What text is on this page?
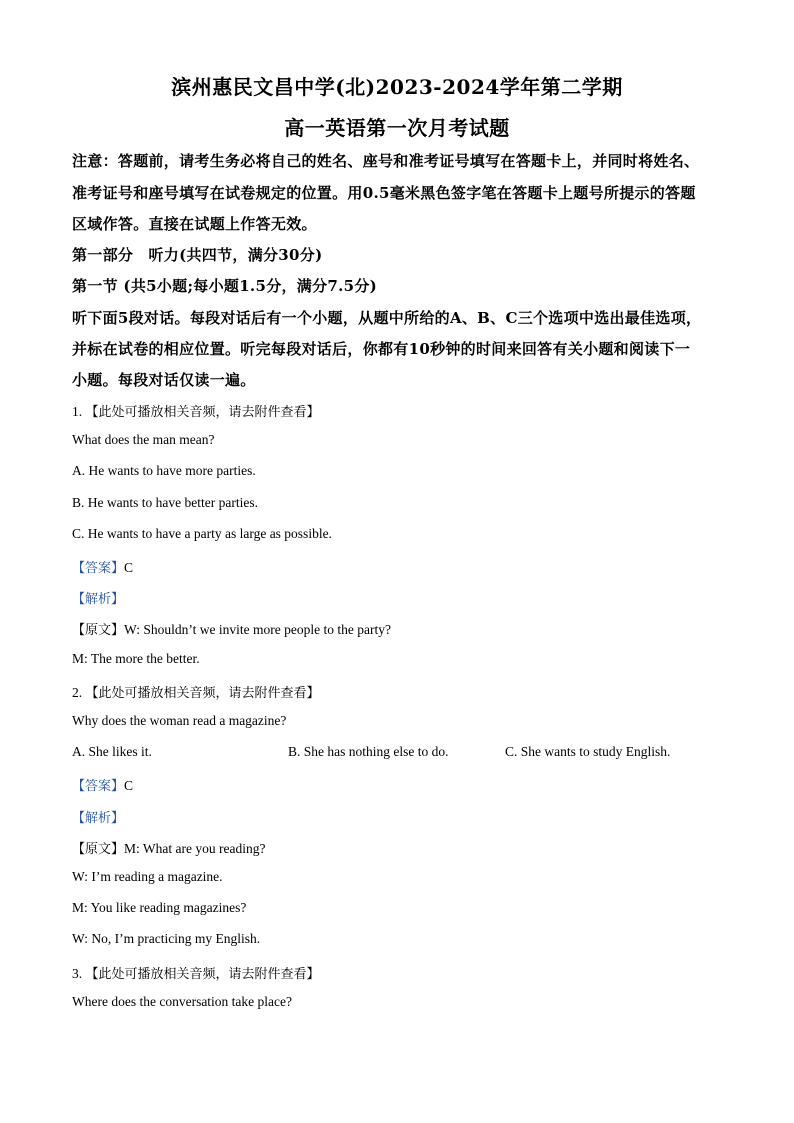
滨州惠民文昌中学(北)2023-2024学年第二学期
高一英语第一次月考试题
注意：答题前，请考生务必将自己的姓名、座号和准考证号填写在答题卡上，并同时将姓名、
准考证号和座号填写在试卷规定的位置。用0.5毫米黑色签字笔在答题卡上题号所提示的答题
区域作答。直接在试题上作答无效。
第一部分　听力(共四节，满分30分)
第一节 (共5小题;每小题1.5分，满分7.5分)
听下面5段对话。每段对话后有一个小题，从题中所给的A、B、C三个选项中选出最佳选项，
并标在试卷的相应位置。听完每段对话后，你都有10秒钟的时间来回答有关小题和阅读下一
小题。每段对话仅读一遍。
1. 【此处可播放相关音频，请去附件查看】
What does the man mean?
A. He wants to have more parties.
B. He wants to have better parties.
C. He wants to have a party as large as possible.
【答案】C
【解析】
【原文】W: Shouldn’t we invite more people to the party?
M: The more the better.
2. 【此处可播放相关音频，请去附件查看】
Why does the woman read a magazine?
A. She likes it.	B. She has nothing else to do.	C. She wants to study English.
【答案】C
【解析】
【原文】M: What are you reading?
W: I’m reading a magazine.
M: You like reading magazines?
W: No, I’m practicing my English.
3. 【此处可播放相关音频，请去附件查看】
Where does the conversation take place?
